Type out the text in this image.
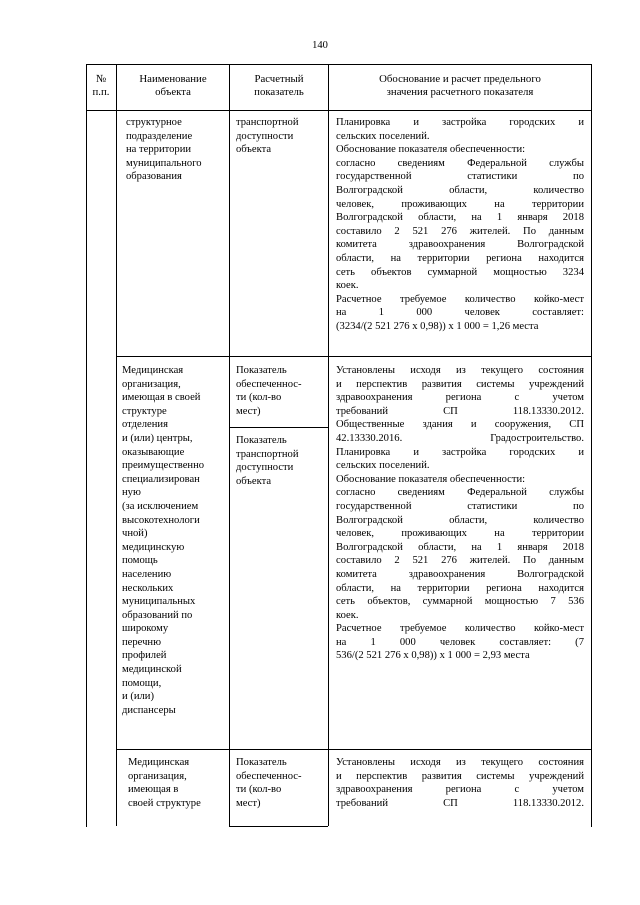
140
№
п.п.
Наименование
объекта
Расчетный
показатель
Обоснование и расчет предельного
значения расчетного показателя
структурное
подразделение
на территории
муниципального
образования
транспортной
доступности
объекта
Планировка и застройка городских и
сельских поселений.
Обоснование показателя обеспеченности:
согласно сведениям Федеральной службы
государственной статистики по
Волгоградской области, количество
человек, проживающих на территории
Волгоградской области, на 1 января 2018
составило 2 521 276 жителей. По данным
комитета здравоохранения Волгоградской
области, на территории региона находится
сеть объектов суммарной мощностью 3234
коек.
Расчетное требуемое количество койко-мест
на 1 000 человек составляет:
(3234/(2 521 276 х 0,98)) х 1 000 = 1,26 места
Медицинская
организация,
имеющая в своей
структуре
отделения
и (или) центры,
оказывающие
преимущественно
специализирован
ную
(за исключением
высокотехнологи
чной)
медицинскую
помощь
населению
нескольких
муниципальных
образований по
широкому
перечню
профилей
медицинской
помощи,
и (или)
диспансеры
Показатель
обеспеченнос-
ти (кол-во
мест)
Показатель
транспортной
доступности
объекта
Установлены исходя из текущего состояния
и перспектив развития системы учреждений
здравоохранения региона с учетом
требований СП 118.13330.2012.
Общественные здания и сооружения, СП
42.13330.2016. Градостроительство.
Планировка и застройка городских и
сельских поселений.
Обоснование показателя обеспеченности:
согласно сведениям Федеральной службы
государственной статистики по
Волгоградской области, количество
человек, проживающих на территории
Волгоградской области, на 1 января 2018
составило 2 521 276 жителей. По данным
комитета здравоохранения Волгоградской
области, на территории региона находится
сеть объектов, суммарной мощностью 7 536
коек.
Расчетное требуемое количество койко-мест
на 1 000 человек составляет: (7
536/(2 521 276 х 0,98)) х 1 000 = 2,93 места
Медицинская
организация,
имеющая в
своей структуре
Показатель
обеспеченнос-
ти (кол-во
мест)
Установлены исходя из текущего состояния
и перспектив развития системы учреждений
здравоохранения региона с учетом
требований СП 118.13330.2012.
